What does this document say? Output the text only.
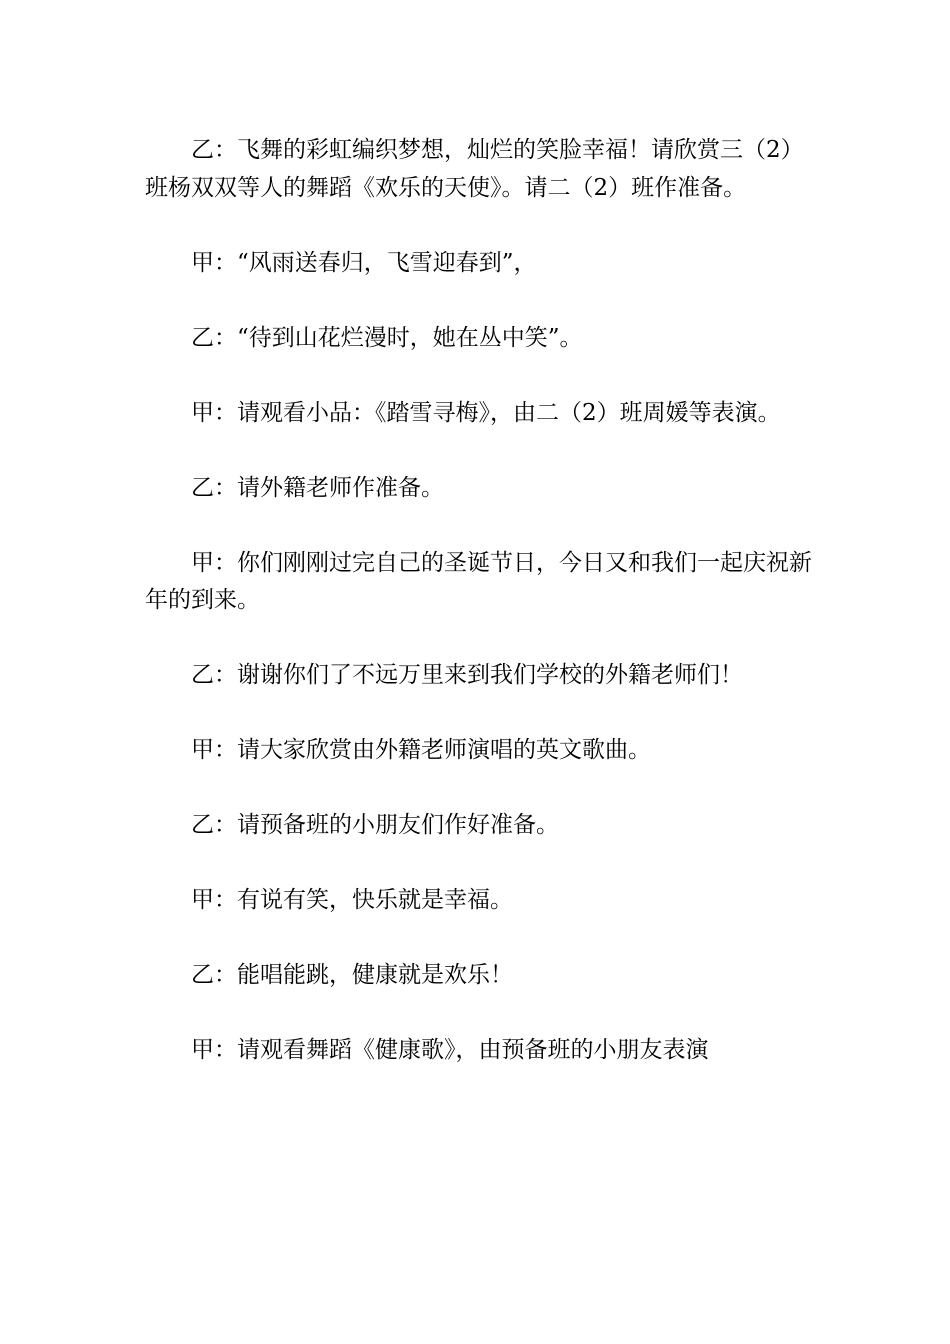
乙：飞舞的彩虹编织梦想，灿烂的笑脸幸福！请欣赏三（2）班杨双双等人的舞蹈《欢乐的天使》。请二（2）班作准备。

甲：“风雨送春归，飞雪迎春到”，

乙：“待到山花烂漫时，她在丛中笑”。

甲：请观看小品：《踏雪寻梅》，由二（2）班周媛等表演。

乙：请外籍老师作准备。

甲：你们刚刚过完自己的圣诞节日，今日又和我们一起庆祝新年的到来。

乙：谢谢你们了不远万里来到我们学校的外籍老师们！

甲：请大家欣赏由外籍老师演唱的英文歌曲。

乙：请预备班的小朋友们作好准备。

甲：有说有笑，快乐就是幸福。

乙：能唱能跳，健康就是欢乐！

甲：请观看舞蹈《健康歌》，由预备班的小朋友表演
